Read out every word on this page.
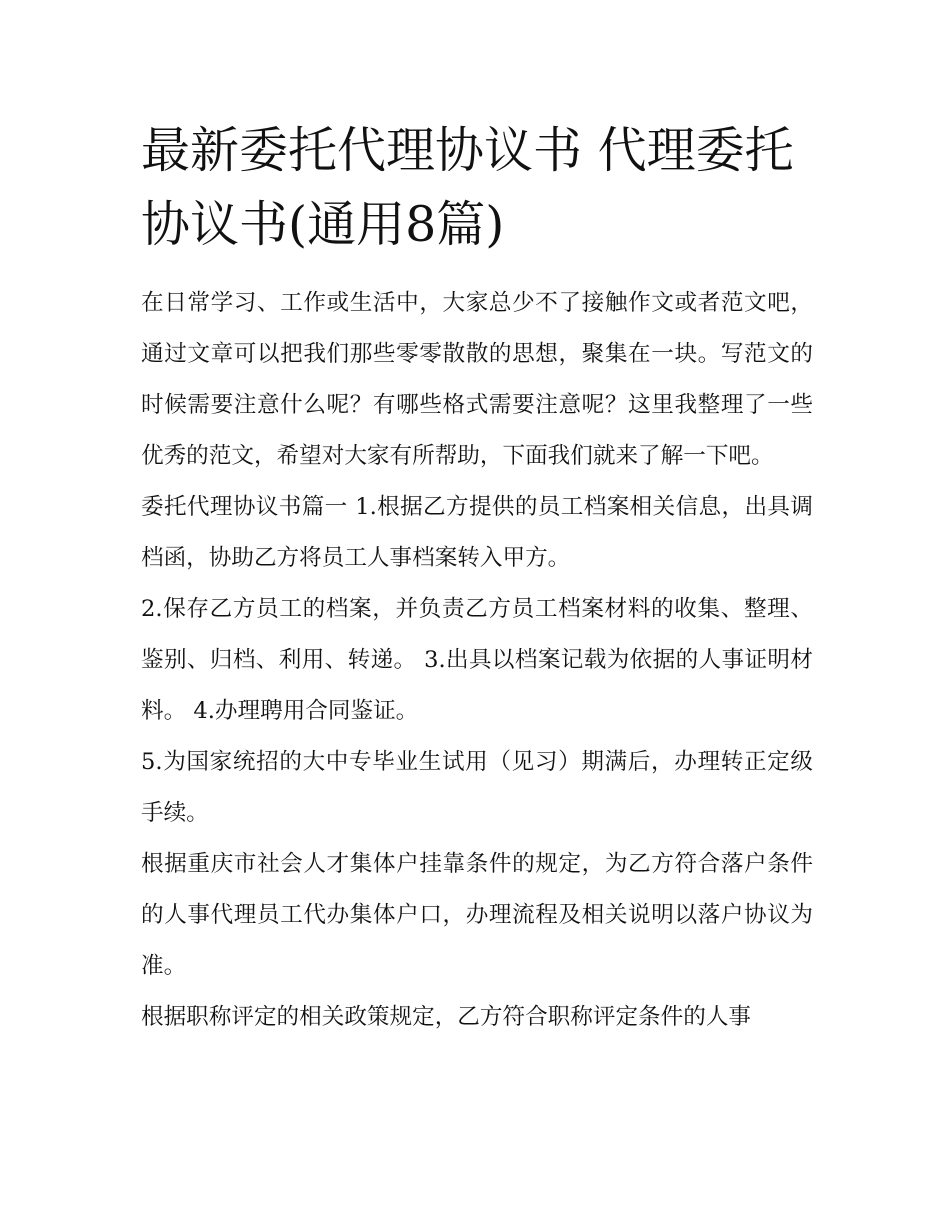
最新委托代理协议书 代理委托协议书(通用8篇)

在日常学习、工作或生活中，大家总少不了接触作文或者范文吧，通过文章可以把我们那些零零散散的思想，聚集在一块。写范文的时候需要注意什么呢？有哪些格式需要注意呢？这里我整理了一些优秀的范文，希望对大家有所帮助，下面我们就来了解一下吧。

委托代理协议书篇一 1.根据乙方提供的员工档案相关信息，出具调档函，协助乙方将员工人事档案转入甲方。

2.保存乙方员工的档案，并负责乙方员工档案材料的收集、整理、鉴别、归档、利用、转递。 3.出具以档案记载为依据的人事证明材料。 4.办理聘用合同鉴证。

5.为国家统招的大中专毕业生试用（见习）期满后，办理转正定级手续。

根据重庆市社会人才集体户挂靠条件的规定，为乙方符合落户条件的人事代理员工代办集体户口，办理流程及相关说明以落户协议为准。

根据职称评定的相关政策规定，乙方符合职称评定条件的人事
